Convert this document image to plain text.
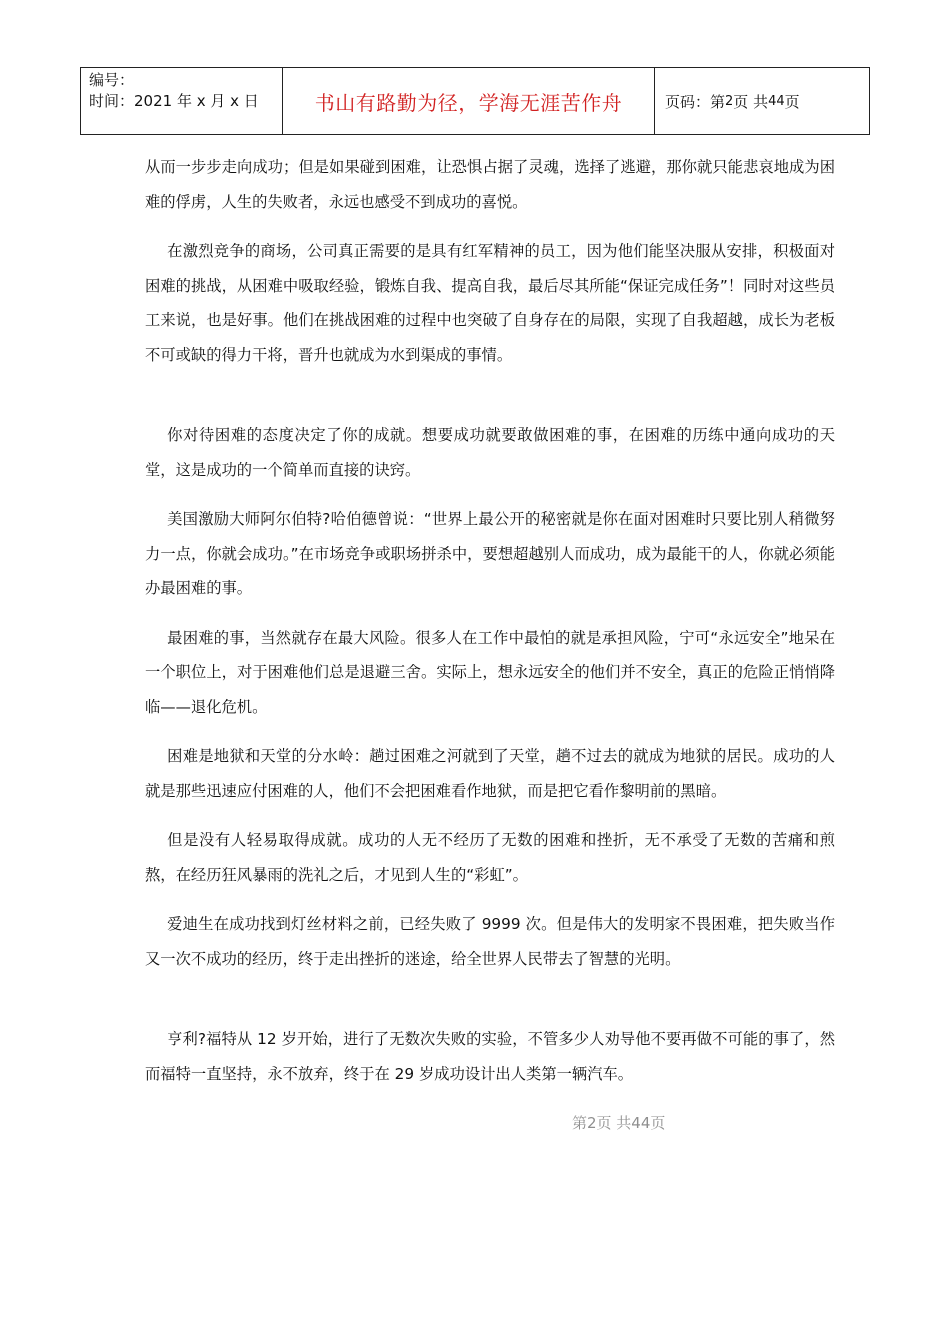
编号：
时间：2021 年 x 月 x 日	书山有路勤为径，学海无涯苦作舟	页码：第 2 页 共 44 页

从而一步步走向成功；但是如果碰到困难，让恐惧占据了灵魂，选择了逃避，那你就只能悲哀地成为困难的俘虏，人生的失败者，永远也感受不到成功的喜悦。

在激烈竞争的商场，公司真正需要的是具有红军精神的员工，因为他们能坚决服从安排，积极面对困难的挑战，从困难中吸取经验，锻炼自我、提高自我，最后尽其所能“保证完成任务”！同时对这些员工来说，也是好事。他们在挑战困难的过程中也突破了自身存在的局限，实现了自我超越，成长为老板不可或缺的得力干将，晋升也就成为水到渠成的事情。

你对待困难的态度决定了你的成就。想要成功就要敢做困难的事，在困难的历练中通向成功的天堂，这是成功的一个简单而直接的诀窍。

美国激励大师阿尔伯特?哈伯德曾说：“世界上最公开的秘密就是你在面对困难时只要比别人稍微努力一点，你就会成功。”在市场竞争或职场拼杀中，要想超越别人而成功，成为最能干的人，你就必须能办最困难的事。

最困难的事，当然就存在最大风险。很多人在工作中最怕的就是承担风险，宁可“永远安全”地呆在一个职位上，对于困难他们总是退避三舍。实际上，想永远安全的他们并不安全，真正的危险正悄悄降临——退化危机。

困难是地狱和天堂的分水岭：趟过困难之河就到了天堂，趟不过去的就成为地狱的居民。成功的人就是那些迅速应付困难的人，他们不会把困难看作地狱，而是把它看作黎明前的黑暗。

但是没有人轻易取得成就。成功的人无不经历了无数的困难和挫折，无不承受了无数的苦痛和煎熬，在经历狂风暴雨的洗礼之后，才见到人生的“彩虹”。

爱迪生在成功找到灯丝材料之前，已经失败了 9999 次。但是伟大的发明家不畏困难，把失败当作又一次不成功的经历，终于走出挫折的迷途，给全世界人民带去了智慧的光明。

亨利?福特从 12 岁开始，进行了无数次失败的实验，不管多少人劝导他不要再做不可能的事了，然而福特一直坚持，永不放弃，终于在 29 岁成功设计出人类第一辆汽车。

第2页 共44页
